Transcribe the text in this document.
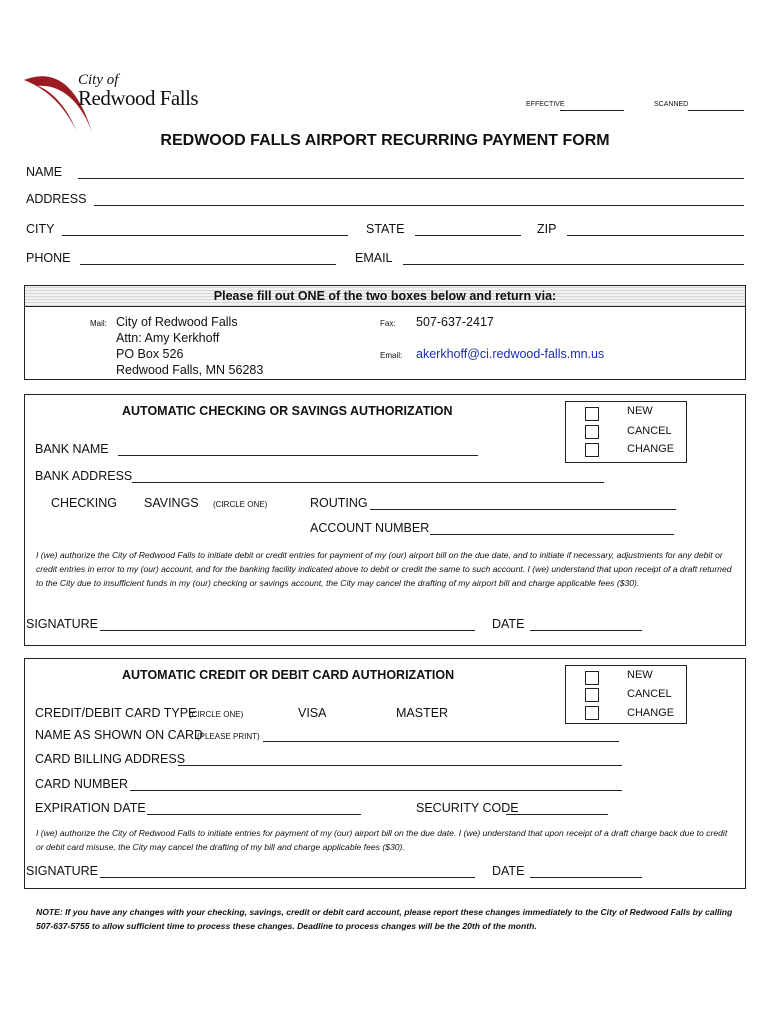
City of
Redwood Falls	EFFECTIVE	SCANNED
REDWOOD FALLS AIRPORT RECURRING PAYMENT FORM
NAME
ADDRESS
CITY	STATE	ZIP
PHONE	EMAIL
Please fill out ONE of the two boxes below and return via:
Mail: City of Redwood Falls
Attn: Amy Kerkhoff
PO Box 526
Redwood Falls, MN 56283
Fax: 507-637-2417
Email: akerkhoff@ci.redwood-falls.mn.us
AUTOMATIC CHECKING OR SAVINGS AUTHORIZATION	NEW
CANCEL
CHANGE
BANK NAME
BANK ADDRESS
CHECKING SAVINGS (CIRCLE ONE)	ROUTING
ACCOUNT NUMBER
I (we) authorize the City of Redwood Falls to initiate debit or credit entries for payment of my (our) airport bill on the due date, and to initiate if necessary, adjustments for any debit or credit entries in error to my (our) account, and for the banking facility indicated above to debit or credit the same to such account. I (we) understand that upon receipt of a draft returned to the City due to insufficient funds in my (our) checking or savings account, the City may cancel the drafting of my airport bill and charge applicable fees ($30).
SIGNATURE	DATE
AUTOMATIC CREDIT OR DEBIT CARD AUTHORIZATION	NEW
CANCEL
CHANGE
CREDIT/DEBIT CARD TYPE
(CIRCLE ONE)	VISA	MASTER
NAME AS SHOWN ON CARD
(PLEASE PRINT)
CARD BILLING ADDRESS
CARD NUMBER
EXPIRATION DATE	SECURITY CODE
I (we) authorize the City of Redwood Falls to initiate entries for payment of my (our) airport bill on the due date. I (we) understand that upon receipt of a draft charge back due to credit or debit card misuse, the City may cancel the drafting of my bill and charge applicable fees ($30).
SIGNATURE	DATE
NOTE: If you have any changes with your checking, savings, credit or debit card account, please report these changes immediately to the City of Redwood Falls by calling 507-637-5755 to allow sufficient time to process these changes. Deadline to process changes will be the 20th of the month.
